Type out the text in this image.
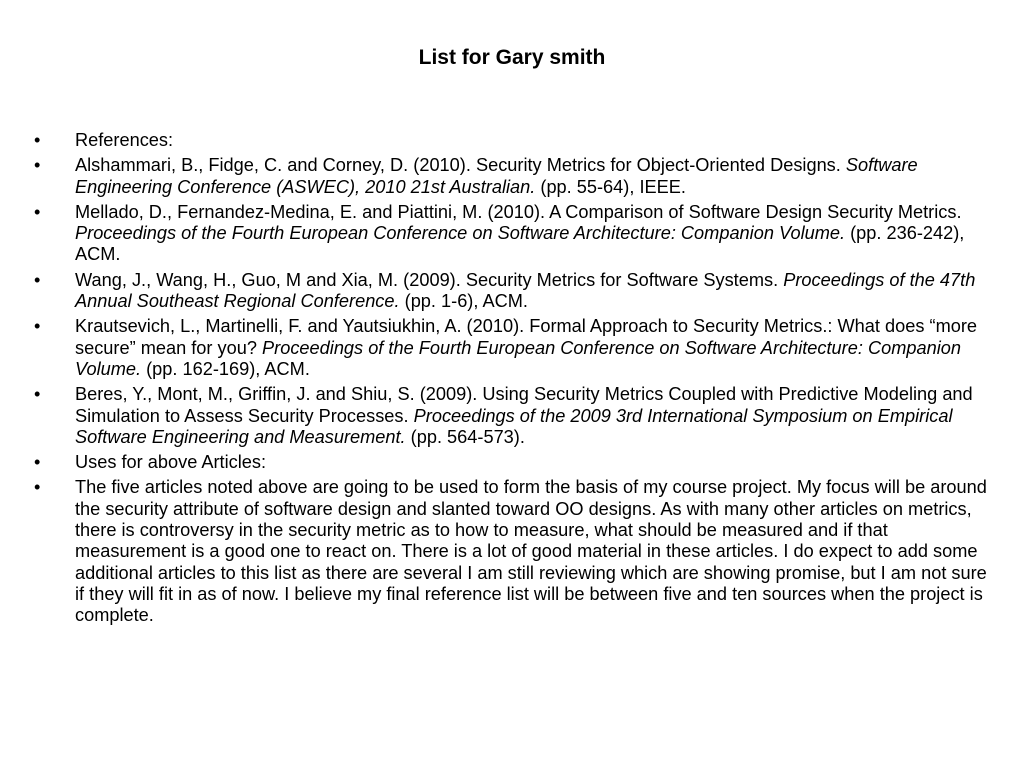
List for Gary smith
• References:
• Alshammari, B., Fidge, C. and Corney, D. (2010). Security Metrics for Object-Oriented Designs. Software Engineering Conference (ASWEC), 2010 21st Australian. (pp. 55-64), IEEE.
• Mellado, D., Fernandez-Medina, E. and Piattini, M. (2010). A Comparison of Software Design Security Metrics. Proceedings of the Fourth European Conference on Software Architecture: Companion Volume. (pp. 236-242), ACM.
• Wang, J., Wang, H., Guo, M and Xia, M. (2009). Security Metrics for Software Systems. Proceedings of the 47th Annual Southeast Regional Conference. (pp. 1-6), ACM.
• Krautsevich, L., Martinelli, F. and Yautsiukhin, A. (2010). Formal Approach to Security Metrics.: What does “more secure” mean for you? Proceedings of the Fourth European Conference on Software Architecture: Companion Volume. (pp. 162-169), ACM.
• Beres, Y., Mont, M., Griffin, J. and Shiu, S. (2009). Using Security Metrics Coupled with Predictive Modeling and Simulation to Assess Security Processes. Proceedings of the 2009 3rd International Symposium on Empirical Software Engineering and Measurement. (pp. 564-573).
• Uses for above Articles:
• The five articles noted above are going to be used to form the basis of my course project. My focus will be around the security attribute of software design and slanted toward OO designs. As with many other articles on metrics, there is controversy in the security metric as to how to measure, what should be measured and if that measurement is a good one to react on. There is a lot of good material in these articles. I do expect to add some additional articles to this list as there are several I am still reviewing which are showing promise, but I am not sure if they will fit in as of now. I believe my final reference list will be between five and ten sources when the project is complete.
